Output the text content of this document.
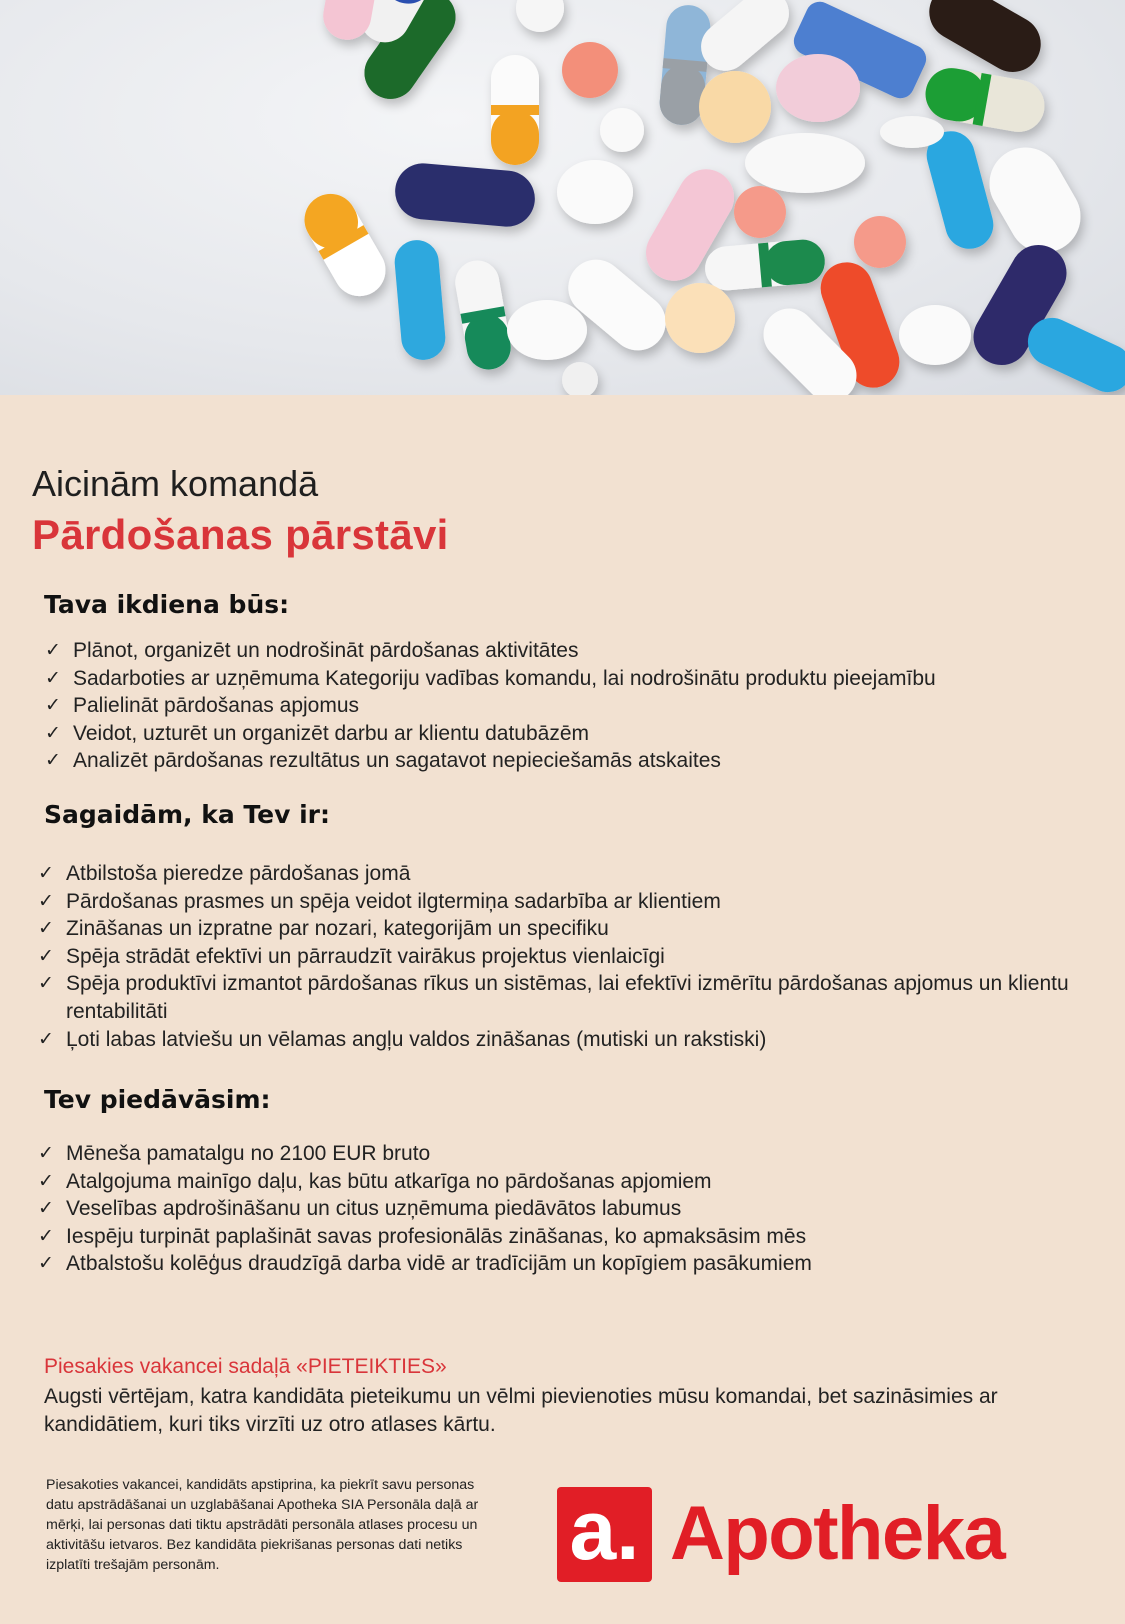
Aicinām komandā
Pārdošanas pārstāvi
Tava ikdiena būs:
✓ Plānot, organizēt un nodrošināt pārdošanas aktivitātes
✓ Sadarboties ar uzņēmuma Kategoriju vadības komandu, lai nodrošinātu produktu pieejamību
✓ Palielināt pārdošanas apjomus
✓ Veidot, uzturēt un organizēt darbu ar klientu datubāzēm
✓ Analizēt pārdošanas rezultātus un sagatavot nepieciešamās atskaites
Sagaidām, ka Tev ir:
✓ Atbilstoša pieredze pārdošanas jomā
✓ Pārdošanas prasmes un spēja veidot ilgtermiņa sadarbība ar klientiem
✓ Zināšanas un izpratne par nozari, kategorijām un specifiku
✓ Spēja strādāt efektīvi un pārraudzīt vairākus projektus vienlaicīgi
✓ Spēja produktīvi izmantot pārdošanas rīkus un sistēmas, lai efektīvi izmērītu pārdošanas apjomus un klientu rentabilitāti
✓ Ļoti labas latviešu un vēlamas angļu valdos zināšanas (mutiski un rakstiski)
Tev piedāvāsim:
✓ Mēneša pamatalgu no 2100 EUR bruto
✓ Atalgojuma mainīgo daļu, kas būtu atkarīga no pārdošanas apjomiem
✓ Veselības apdrošināšanu un citus uzņēmuma piedāvātos labumus
✓ Iespēju turpināt paplašināt savas profesionālās zināšanas, ko apmaksāsim mēs
✓ Atbalstošu kolēģus draudzīgā darba vidē ar tradīcijām un kopīgiem pasākumiem

Piesakies vakancei sadaļā «PIETEIKTIES»

Augsti vērtējam, katra kandidāta pieteikumu un vēlmi pievienoties mūsu komandai, bet sazināsimies ar kandidātiem, kuri tiks virzīti uz otro atlases kārtu.

Piesakoties vakancei, kandidāts apstiprina, ka piekrīt savu personas datu apstrādāšanai un uzglabāšanai Apotheka SIA Personāla daļā ar mērķi, lai personas dati tiktu apstrādāti personāla atlases procesu un aktivitāšu ietvaros. Bez kandidāta piekrišanas personas dati netiks izplatīti trešajām personām.	a. Apotheka
